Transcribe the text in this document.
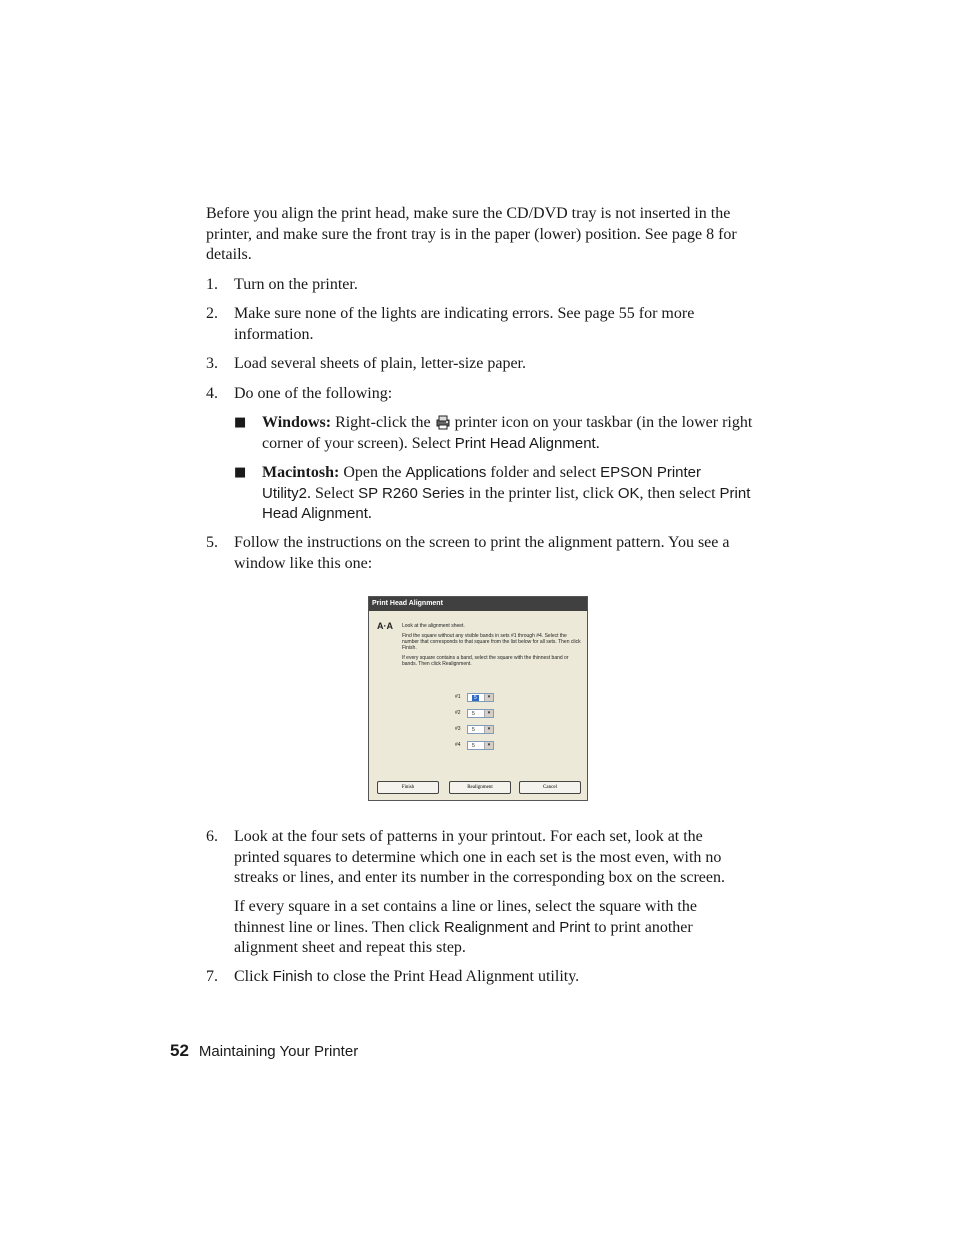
Before you align the print head, make sure the CD/DVD tray is not inserted in the printer, and make sure the front tray is in the paper (lower) position. See page 8 for details.
1.	Turn on the printer.
2.	Make sure none of the lights are indicating errors. See page 55 for more information.
3.	Load several sheets of plain, letter-size paper.
4.	Do one of the following:
■ Windows: Right-click the  printer icon on your taskbar (in the lower right corner of your screen). Select Print Head Alignment.
■ Macintosh: Open the Applications folder and select EPSON Printer Utility2. Select SP R260 Series in the printer list, click OK, then select Print Head Alignment.
5.	Follow the instructions on the screen to print the alignment pattern. You see a window like this one:
Print Head Alignment
A·A Look at the alignment sheet.

Find the square without any visible bands in sets #1 through #4. Select the number that corresponds to that square from the list below for all sets. Then click Finish.

If every square contains a band, select the square with the thinnest band or bands. Then click Realignment.

#1	5	▾
#2	5	▾
#3	5	▾
#4	5	▾
Finish	Realignment	Cancel
6.	Look at the four sets of patterns in your printout. For each set, look at the printed squares to determine which one in each set is the most even, with no streaks or lines, and enter its number in the corresponding box on the screen.
If every square in a set contains a line or lines, select the square with the thinnest line or lines. Then click Realignment and Print to print another alignment sheet and repeat this step.
7.	Click Finish to close the Print Head Alignment utility.
52 Maintaining Your Printer
